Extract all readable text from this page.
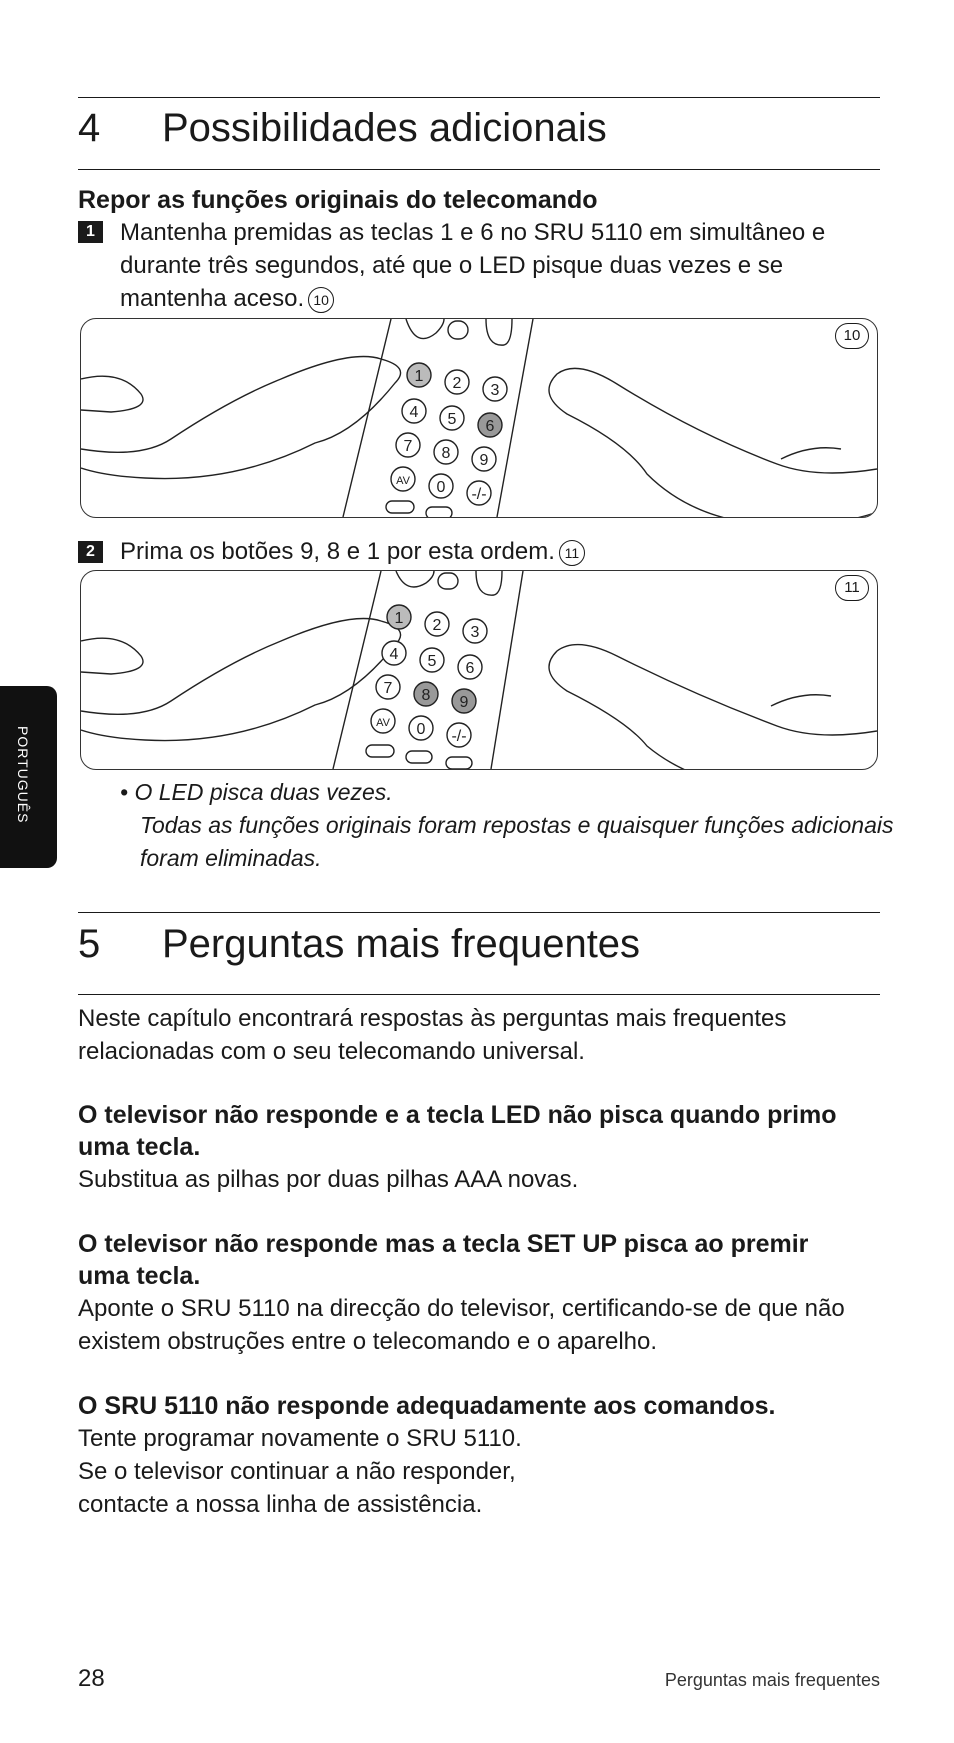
4 Possibilidades adicionais
Repor as funções originais do telecomando
1	Mantenha premidas as teclas 1 e 6 no SRU 5110 em simultâneo e durante três segundos, até que o LED pisque duas vezes e se mantenha aceso. 10
1 2 3
4 5 6
7 8 9
AV 0 -/-
10
2	Prima os botões 9, 8 e 1 por esta ordem. 11
1 2 3
4 5 6
7 8 9
AV 0 -/-
11
• O LED pisca duas vezes.
Todas as funções originais foram repostas e quaisquer funções adicionais
foram eliminadas.
PORTUGUÊS
5 Perguntas mais frequentes
Neste capítulo encontrará respostas às perguntas mais frequentes
relacionadas com o seu telecomando universal.
O televisor não responde e a tecla LED não pisca quando primo
uma tecla.
Substitua as pilhas por duas pilhas AAA novas.
O televisor não responde mas a tecla SET UP pisca ao premir
uma tecla.
Aponte o SRU 5110 na direcção do televisor, certificando-se de que não
existem obstruções entre o telecomando e o aparelho.
O SRU 5110 não responde adequadamente aos comandos.
Tente programar novamente o SRU 5110.
Se o televisor continuar a não responder,
contacte a nossa linha de assistência.
28	Perguntas mais frequentes
